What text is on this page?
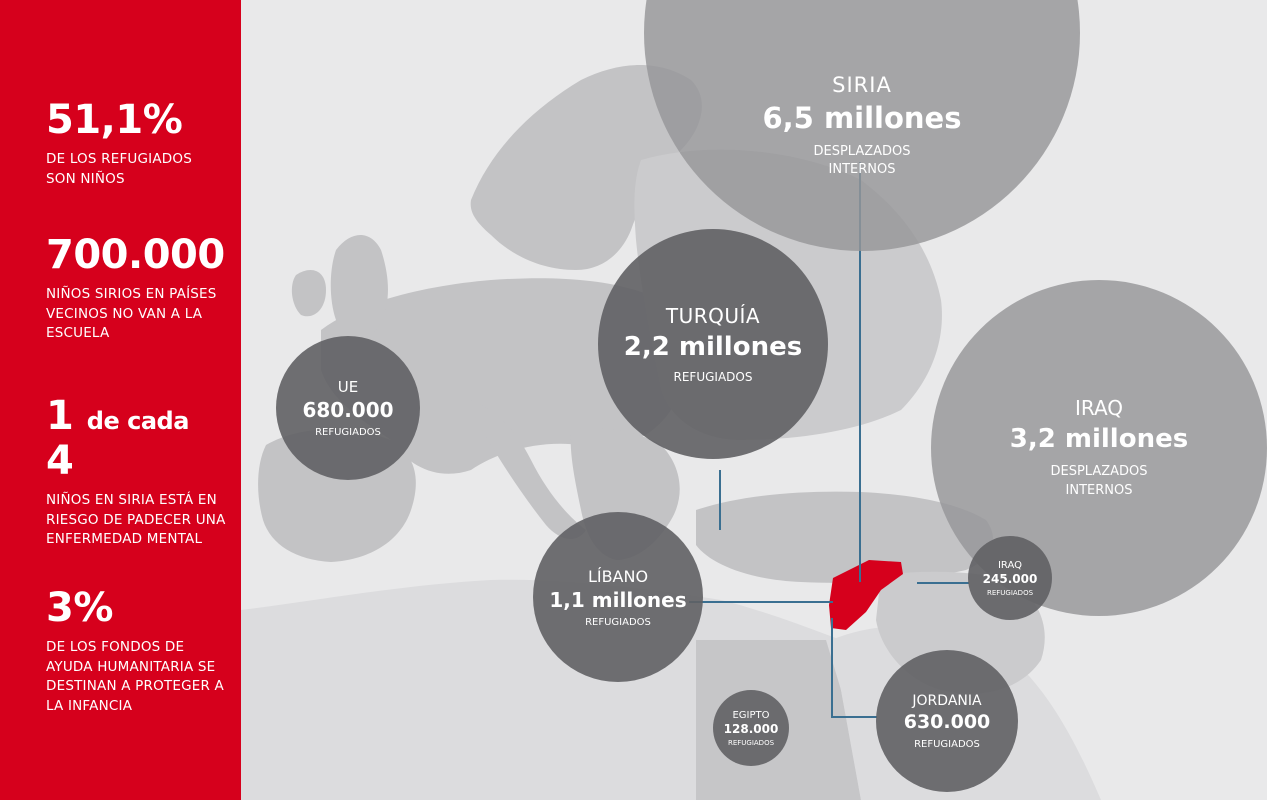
51,1%
DE LOS REFUGIADOS SON NIÑOS
700.000
NIÑOS SIRIOS EN PAÍSES VECINOS NO VAN A LA ESCUELA
1 de cada 4
NIÑOS EN SIRIA ESTÁ EN RIESGO DE PADECER UNA ENFERMEDAD MENTAL
3%
DE LOS FONDOS DE AYUDA HUMANITARIA SE DESTINAN A PROTEGER A LA INFANCIA
SIRIA
6,5 millones
DESPLAZADOS
INTERNOS
TURQUÍA
2,2 millones
REFUGIADOS
UE
680.000
REFUGIADOS
IRAQ
3,2 millones
DESPLAZADOS
INTERNOS
LÍBANO
1,1 millones
REFUGIADOS
IRAQ
245.000
REFUGIADOS
JORDANIA
630.000
REFUGIADOS
EGIPTO
128.000
REFUGIADOS
